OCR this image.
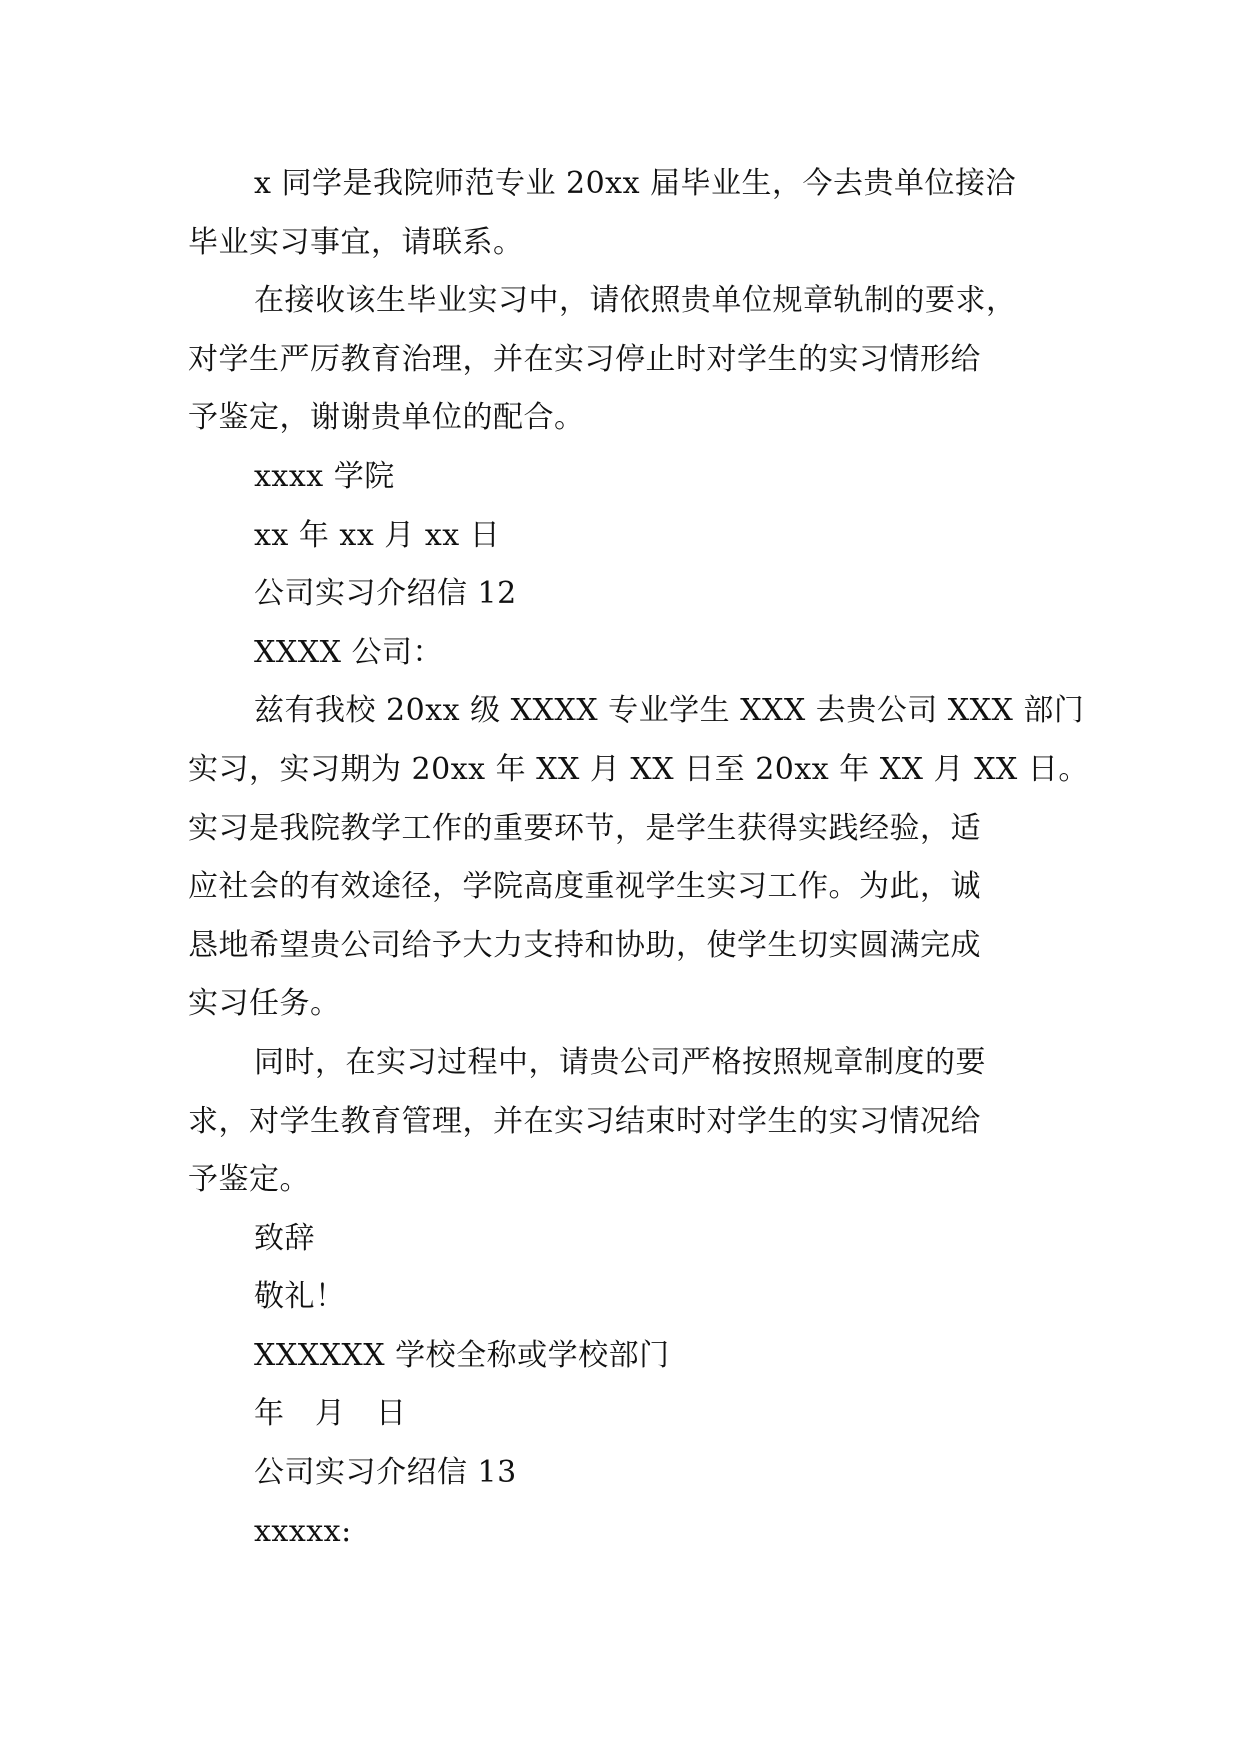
x 同学是我院师范专业 20xx 届毕业生，今去贵单位接洽
毕业实习事宜，请联系。
在接收该生毕业实习中，请依照贵单位规章轨制的要求，
对学生严厉教育治理，并在实习停止时对学生的实习情形给
予鉴定，谢谢贵单位的配合。
xxxx 学院
xx 年 xx 月 xx 日
公司实习介绍信 12
XXXX 公司：
兹有我校 20xx 级 XXXX 专业学生 XXX 去贵公司 XXX 部门
实习，实习期为 20xx 年 XX 月 XX 日至 20xx 年 XX 月 XX 日。
实习是我院教学工作的重要环节，是学生获得实践经验，适
应社会的有效途径，学院高度重视学生实习工作。为此，诚
恳地希望贵公司给予大力支持和协助，使学生切实圆满完成
实习任务。
同时，在实习过程中，请贵公司严格按照规章制度的要
求，对学生教育管理，并在实习结束时对学生的实习情况给
予鉴定。
致辞
敬礼！
XXXXXX 学校全称或学校部门
年　月　日
公司实习介绍信 13
xxxxx:
